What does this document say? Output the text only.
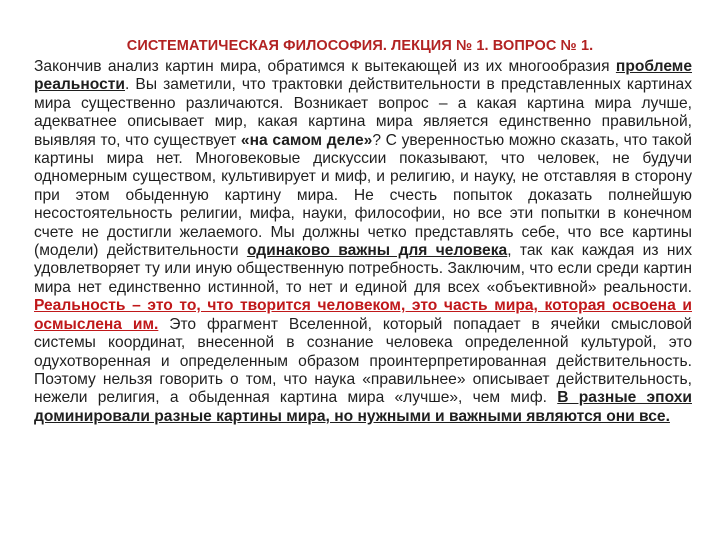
СИСТЕМАТИЧЕСКАЯ ФИЛОСОФИЯ. ЛЕКЦИЯ № 1. ВОПРОС № 1.
Закончив анализ картин мира, обратимся к вытекающей из их многообразия проблеме реальности. Вы заметили, что трактовки действительности в представленных картинах мира существенно различаются. Возникает вопрос – а какая картина мира лучше, адекватнее описывает мир, какая картина мира является единственно правильной, выявляя то, что существует «на самом деле»? С уверенностью можно сказать, что такой картины мира нет. Многовековые дискуссии показывают, что человек, не будучи одномерным существом, культивирует и миф, и религию, и науку, не отставляя в сторону при этом обыденную картину мира. Не счесть попыток доказать полнейшую несостоятельность религии, мифа, науки, философии, но все эти попытки в конечном счете не достигли желаемого. Мы должны четко представлять себе, что все картины (модели) действительности одинаково важны для человека, так как каждая из них удовлетворяет ту или иную общественную потребность. Заключим, что если среди картин мира нет единственно истинной, то нет и единой для всех «объективной» реальности. Реальность – это то, что творится человеком, это часть мира, которая освоена и осмыслена им. Это фрагмент Вселенной, который попадает в ячейки смысловой системы координат, внесенной в сознание человека определенной культурой, это одухотворенная и определенным образом проинтерпретированная действительность. Поэтому нельзя говорить о том, что наука «правильнее» описывает действительность, нежели религия, а обыденная картина мира «лучше», чем миф. В разные эпохи доминировали разные картины мира, но нужными и важными являются они все.
